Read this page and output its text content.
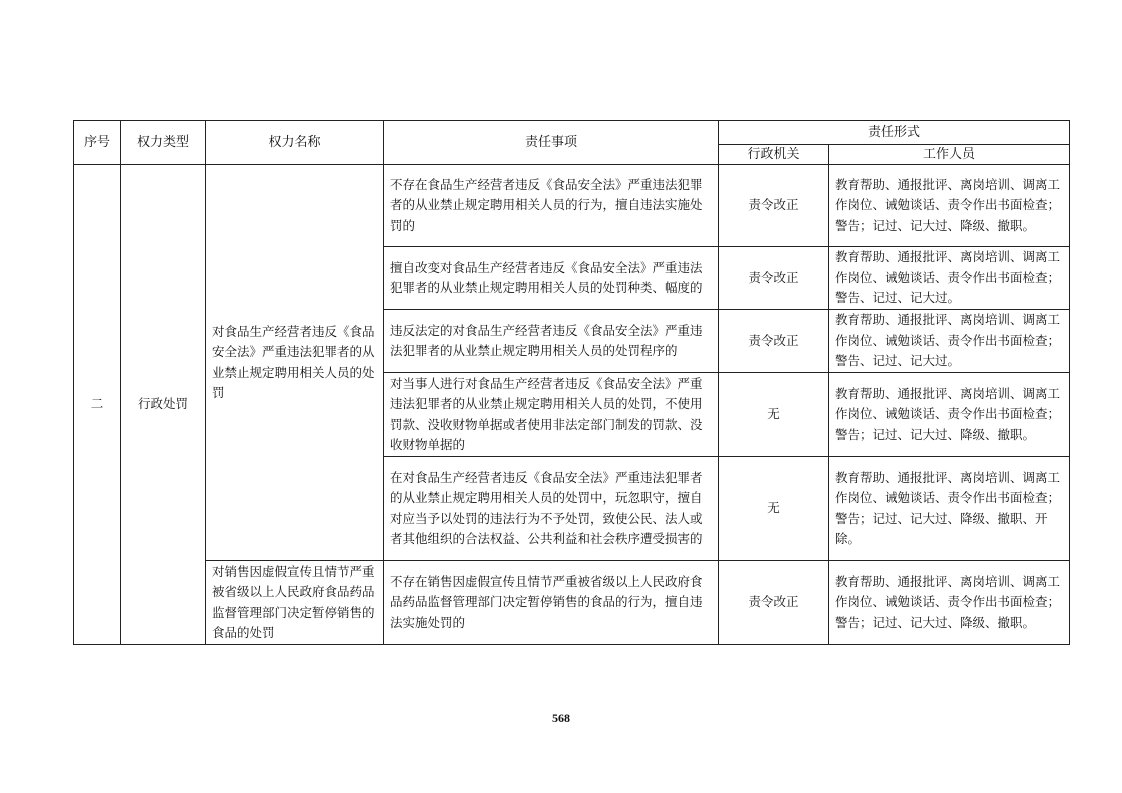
序号	权力类型	权力名称	责任事项	责任形式	
				行政机关	工作人员
二	行政处罚	对食品生产经营者违反《食品安全法》严重违法犯罪者的从业禁止规定聘用相关人员的处罚	不存在食品生产经营者违反《食品安全法》严重违法犯罪者的从业禁止规定聘用相关人员的行为，擅自违法实施处罚的	责令改正	教育帮助、通报批评、离岗培训、调离工作岗位、诫勉谈话、责令作出书面检查；警告；记过、记大过、降级、撤职。
			擅自改变对食品生产经营者违反《食品安全法》严重违法犯罪者的从业禁止规定聘用相关人员的处罚种类、幅度的	责令改正	教育帮助、通报批评、离岗培训、调离工作岗位、诫勉谈话、责令作出书面检查；警告、记过、记大过。
			违反法定的对食品生产经营者违反《食品安全法》严重违法犯罪者的从业禁止规定聘用相关人员的处罚程序的	责令改正	教育帮助、通报批评、离岗培训、调离工作岗位、诫勉谈话、责令作出书面检查；警告、记过、记大过。
			对当事人进行对食品生产经营者违反《食品安全法》严重违法犯罪者的从业禁止规定聘用相关人员的处罚，不使用罚款、没收财物单据或者使用非法定部门制发的罚款、没收财物单据的	无	教育帮助、通报批评、离岗培训、调离工作岗位、诫勉谈话、责令作出书面检查；警告；记过、记大过、降级、撤职。
			在对食品生产经营者违反《食品安全法》严重违法犯罪者的从业禁止规定聘用相关人员的处罚中，玩忽职守，擅自对应当予以处罚的违法行为不予处罚，致使公民、法人或者其他组织的合法权益、公共利益和社会秩序遭受损害的	无	教育帮助、通报批评、离岗培训、调离工作岗位、诫勉谈话、责令作出书面检查；警告；记过、记大过、降级、撤职、开除。
		对销售因虚假宣传且情节严重被省级以上人民政府食品药品监督管理部门决定暂停销售的食品的处罚	不存在销售因虚假宣传且情节严重被省级以上人民政府食品药品监督管理部门决定暂停销售的食品的行为，擅自违法实施处罚的	责令改正	教育帮助、通报批评、离岗培训、调离工作岗位、诫勉谈话、责令作出书面检查；警告；记过、记大过、降级、撤职。
568
